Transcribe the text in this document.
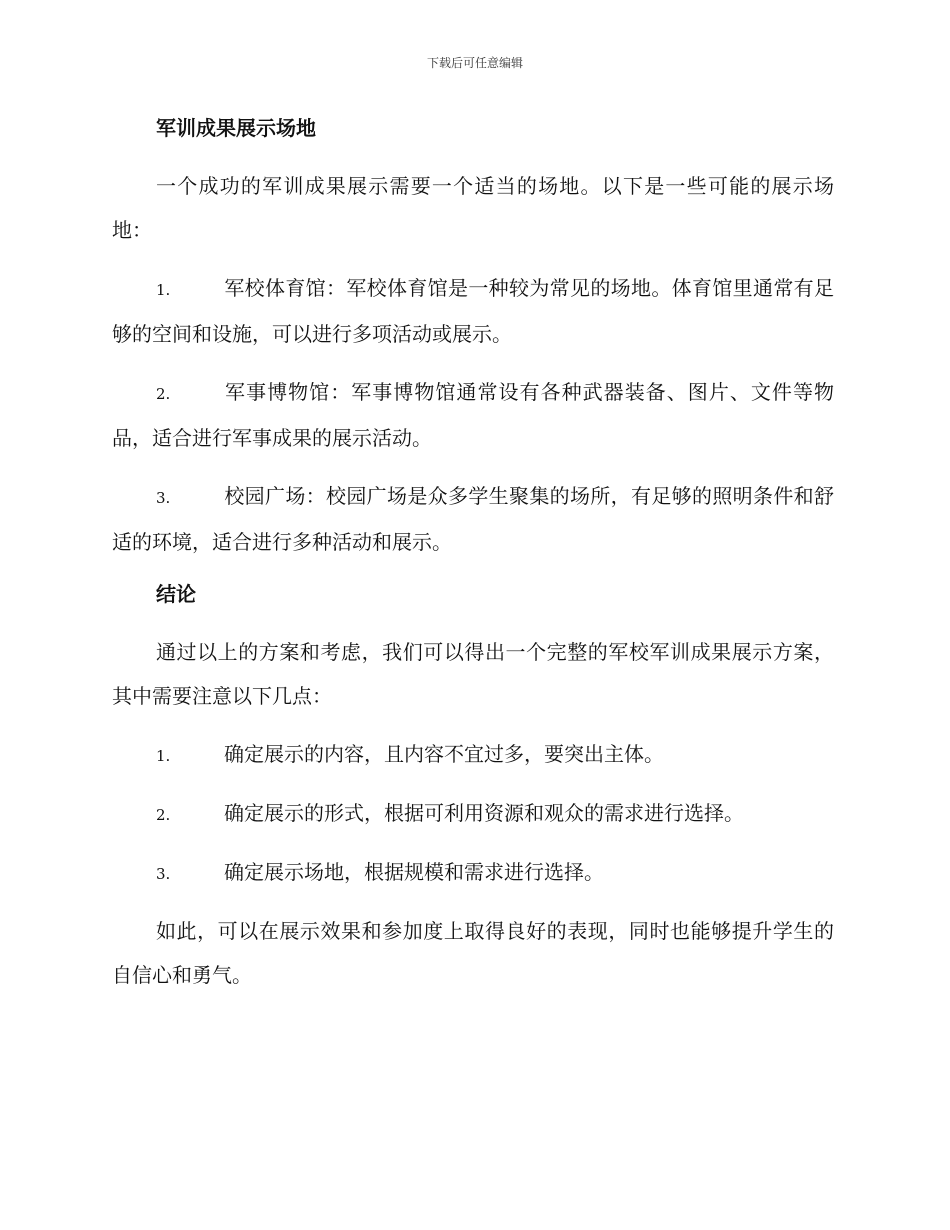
下载后可任意编辑
军训成果展示场地

一个成功的军训成果展示需要一个适当的场地。以下是一些可能的展示场地：

1.	军校体育馆：军校体育馆是一种较为常见的场地。体育馆里通常有足够的空间和设施，可以进行多项活动或展示。

2.	军事博物馆：军事博物馆通常设有各种武器装备、图片、文件等物品，适合进行军事成果的展示活动。

3.	校园广场：校园广场是众多学生聚集的场所，有足够的照明条件和舒适的环境，适合进行多种活动和展示。

结论

通过以上的方案和考虑，我们可以得出一个完整的军校军训成果展示方案，其中需要注意以下几点：

1.	确定展示的内容，且内容不宜过多，要突出主体。

2.	确定展示的形式，根据可利用资源和观众的需求进行选择。

3.	确定展示场地，根据规模和需求进行选择。

如此，可以在展示效果和参加度上取得良好的表现，同时也能够提升学生的自信心和勇气。
